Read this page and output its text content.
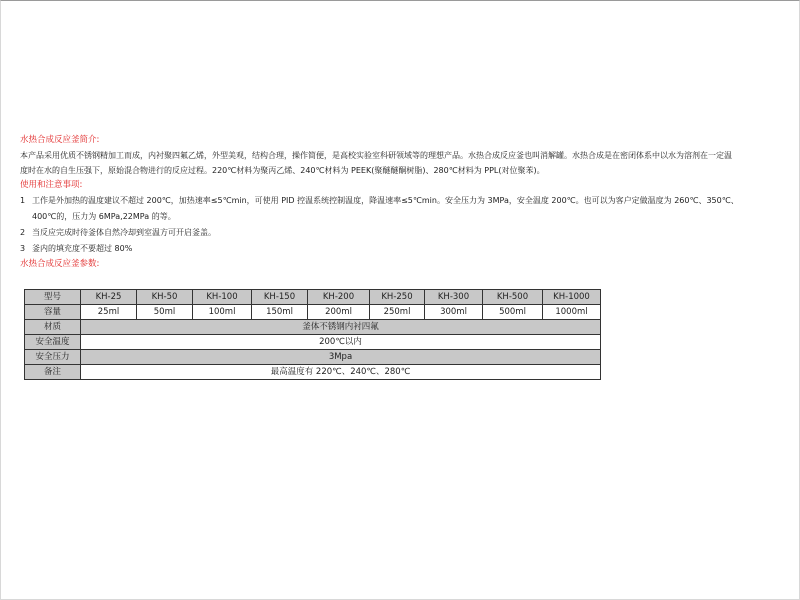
水热合成反应釜简介:
本产品采用优质不锈钢精加工而成，内衬聚四氟乙烯，外型美观，结构合理，操作简便，是高校实验室科研领域等的理想产品。水热合成反应釜也叫消解罐。水热合成是在密闭体系中以水为溶剂在一定温
度时在水的自生压强下，原始混合物进行的反应过程。220℃材料为聚丙乙烯、240℃材料为 PEEK(聚醚醚酮树脂)、280℃材料为 PPL(对位聚苯)。
使用和注意事项:
1 工作是外加热的温度建议不超过 200℃，加热速率≤5℃min，可使用 PID 控温系统控制温度，降温速率≤5℃min。安全压力为 3MPa，安全温度 200℃。也可以为客户定做温度为 260℃、350℃、
400℃的，压力为 6MPa,22MPa 的等。
2 当反应完成时待釜体自然冷却到室温方可开启釜盖。
3 釜内的填充度不要超过 80%
水热合成反应釜参数:
型号	KH-25	KH-50	KH-100	KH-150	KH-200	KH-250	KH-300	KH-500	KH-1000
容量	25ml	50ml	100ml	150ml	200ml	250ml	300ml	500ml	1000ml
材质	釜体不锈钢内衬四氟								
安全温度	200℃以内								
安全压力	3Mpa								
备注	最高温度有 220℃、240℃、280℃								
